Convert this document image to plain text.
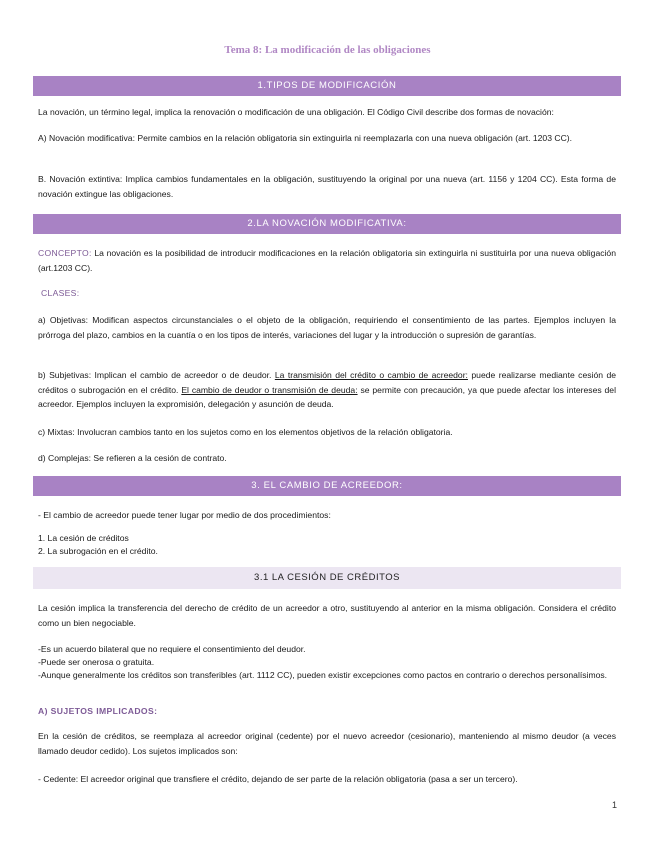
Tema 8: La modificación de las obligaciones
1.TIPOS DE MODIFICACIÓN
La novación, un término legal, implica la renovación o modificación de una obligación. El Código Civil describe dos formas de novación:
A) Novación modificativa: Permite cambios en la relación obligatoria sin extinguirla ni reemplazarla con una nueva obligación (art. 1203 CC).
B. Novación extintiva: Implica cambios fundamentales en la obligación, sustituyendo la original por una nueva (art. 1156 y 1204 CC). Esta forma de novación extingue las obligaciones.
2.LA NOVACIÓN MODIFICATIVA:
CONCEPTO: La novación es la posibilidad de introducir modificaciones en la relación obligatoria sin extinguirla ni sustituirla por una nueva obligación (art.1203 CC).
CLASES:
a) Objetivas: Modifican aspectos circunstanciales o el objeto de la obligación, requiriendo el consentimiento de las partes. Ejemplos incluyen la prórroga del plazo, cambios en la cuantía o en los tipos de interés, variaciones del lugar y la introducción o supresión de garantías.
b) Subjetivas: Implican el cambio de acreedor o de deudor. La transmisión del crédito o cambio de acreedor: puede realizarse mediante cesión de créditos o subrogación en el crédito. El cambio de deudor o transmisión de deuda: se permite con precaución, ya que puede afectar los intereses del acreedor. Ejemplos incluyen la expromisión, delegación y asunción de deuda.
c) Mixtas: Involucran cambios tanto en los sujetos como en los elementos objetivos de la relación obligatoria.
d) Complejas: Se refieren a la cesión de contrato.
3. EL CAMBIO DE ACREEDOR:
- El cambio de acreedor puede tener lugar por medio de dos procedimientos:
1. La cesión de créditos
2. La subrogación en el crédito.
3.1 LA CESIÓN DE CRÉDITOS
La cesión implica la transferencia del derecho de crédito de un acreedor a otro, sustituyendo al anterior en la misma obligación. Considera el crédito como un bien negociable.
-Es un acuerdo bilateral que no requiere el consentimiento del deudor.
-Puede ser onerosa o gratuita.
-Aunque generalmente los créditos son transferibles (art. 1112 CC), pueden existir excepciones como pactos en contrario o derechos personalísimos.
A) SUJETOS IMPLICADOS:
En la cesión de créditos, se reemplaza al acreedor original (cedente) por el nuevo acreedor (cesionario), manteniendo al mismo deudor (a veces llamado deudor cedido). Los sujetos implicados son:
- Cedente: El acreedor original que transfiere el crédito, dejando de ser parte de la relación obligatoria (pasa a ser un tercero).
1
